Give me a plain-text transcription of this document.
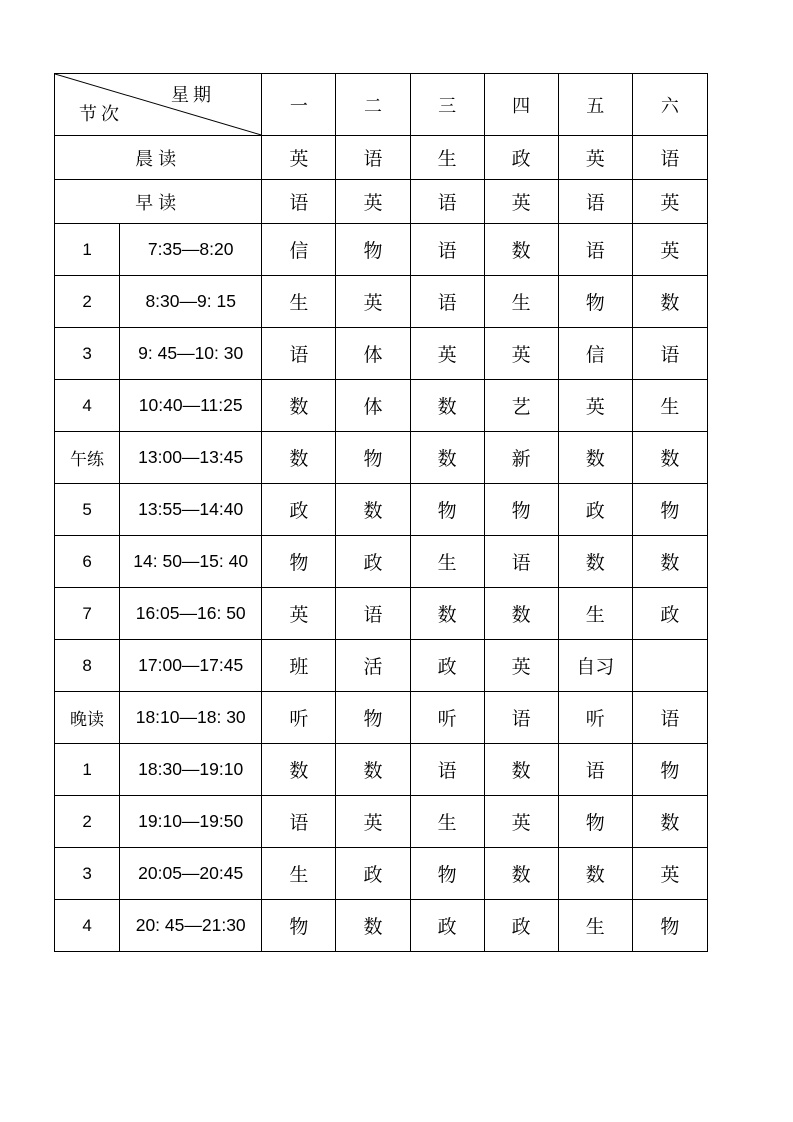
星期
节次		一	二	三	四	五	六
晨读		英	语	生	政	英	语
早读		语	英	语	英	语	英
1	7:35—8:20	信	物	语	数	语	英
2	8:30—9: 15	生	英	语	生	物	数
3	9: 45—10: 30	语	体	英	英	信	语
4	10:40—11:25	数	体	数	艺	英	生
午练	13:00—13:45	数	物	数	新	数	数
5	13:55—14:40	政	数	物	物	政	物
6	14: 50—15: 40	物	政	生	语	数	数
7	16:05—16: 50	英	语	数	数	生	政
8	17:00—17:45	班	活	政	英	自习	
晚读	18:10—18: 30	听	物	听	语	听	语
1	18:30—19:10	数	数	语	数	语	物
2	19:10—19:50	语	英	生	英	物	数
3	20:05—20:45	生	政	物	数	数	英
4	20: 45—21:30	物	数	政	政	生	物
